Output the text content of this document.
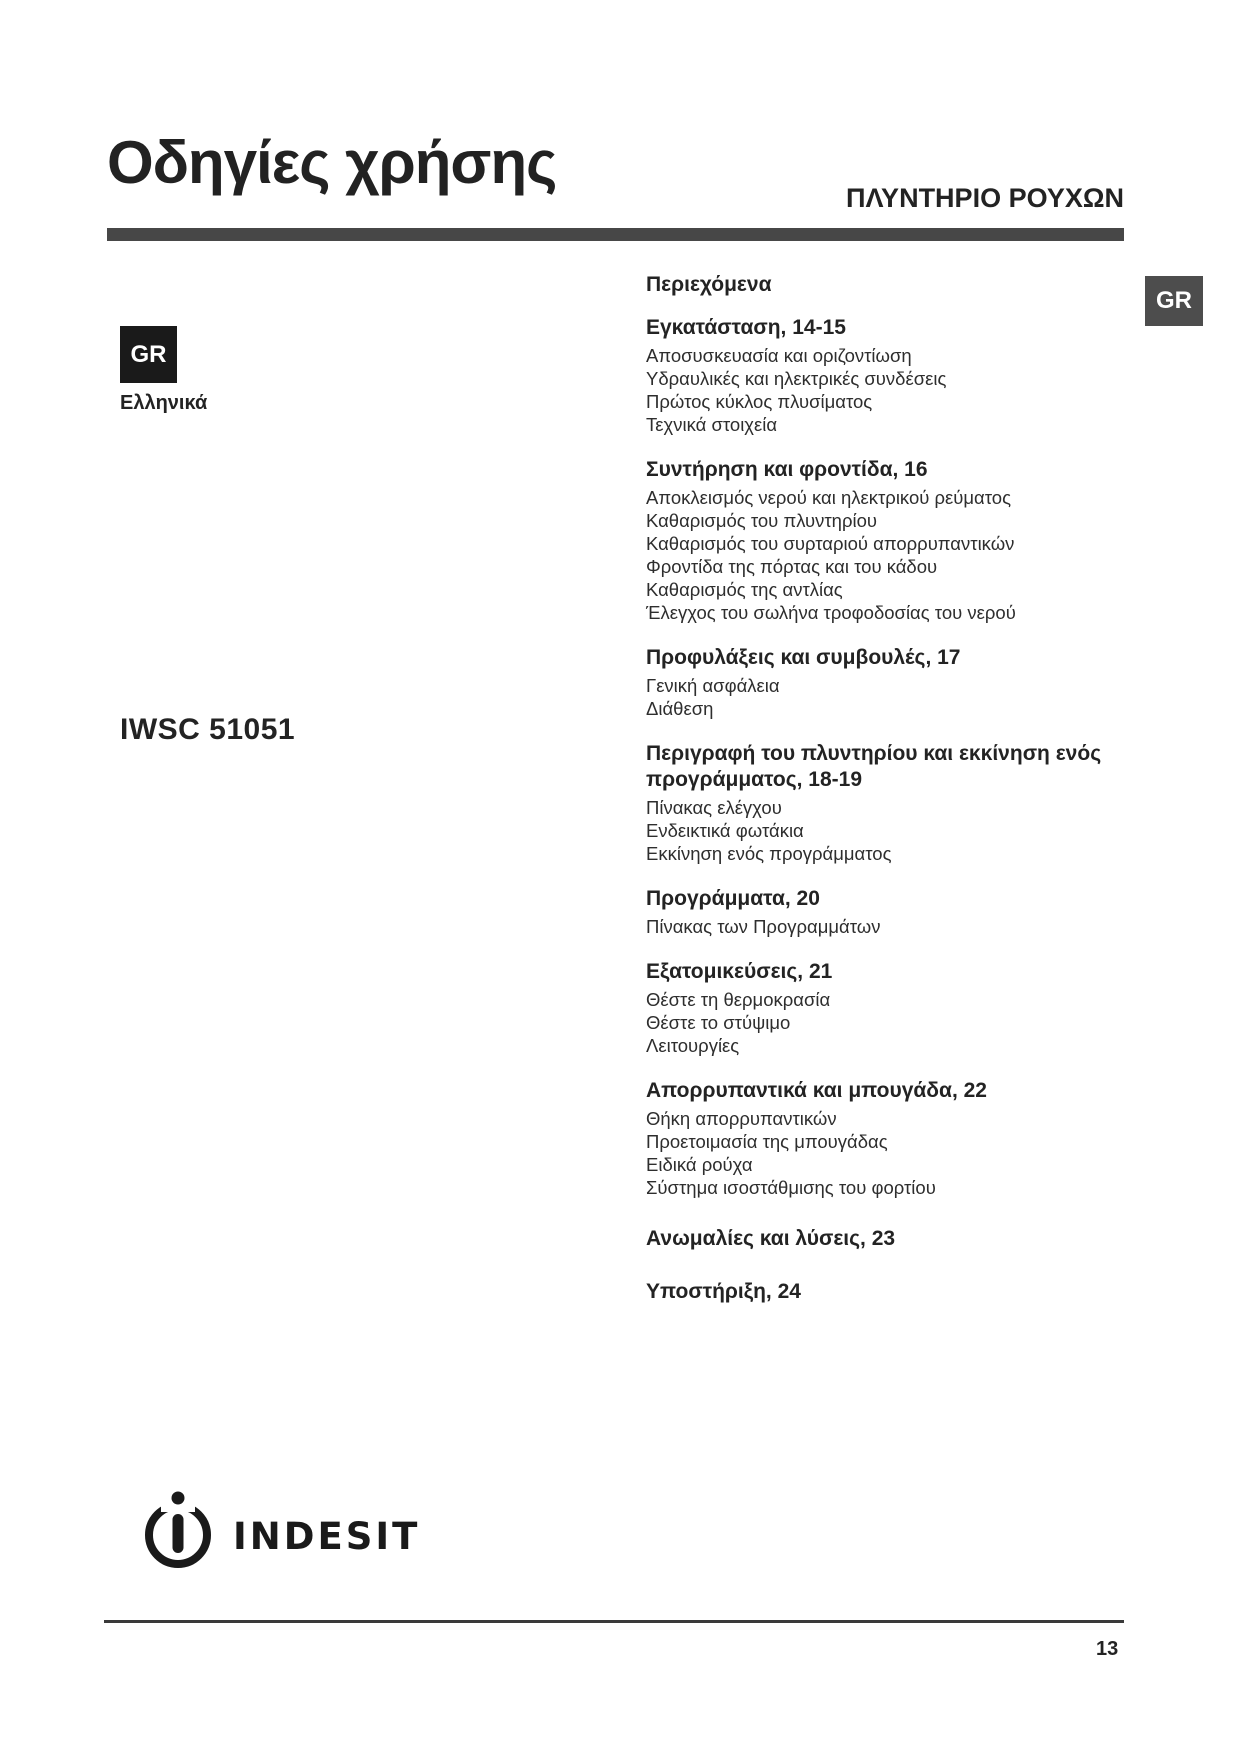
Οδηγίες χρήσης
ΠΛΥΝΤΗΡΙΟ ΡΟΥΧΩΝ
GR
GR
Ελληνικά
IWSC 51051
Περιεχόμενα
Εγκατάσταση, 14-15
Αποσυσκευασία και οριζοντίωση
Υδραυλικές και ηλεκτρικές συνδέσεις
Πρώτος κύκλος πλυσίματος
Τεχνικά στοιχεία
Συντήρηση και φροντίδα, 16
Αποκλεισμός νερού και ηλεκτρικού ρεύματος
Καθαρισμός του πλυντηρίου
Καθαρισμός του συρταριού απορρυπαντικών
Φροντίδα της πόρτας και του κάδου
Καθαρισμός της αντλίας
Έλεγχος του σωλήνα τροφοδοσίας του νερού
Προφυλάξεις και συμβουλές, 17
Γενική ασφάλεια
Διάθεση
Περιγραφή του πλυντηρίου και εκκίνηση ενός προγράμματος, 18-19
Πίνακας ελέγχου
Ενδεικτικά φωτάκια
Εκκίνηση ενός προγράμματος
Προγράμματα, 20
Πίνακας των Προγραμμάτων
Εξατομικεύσεις, 21
Θέστε τη θερμοκρασία
Θέστε το στύψιμο
Λειτουργίες
Απορρυπαντικά και μπουγάδα, 22
Θήκη απορρυπαντικών
Προετοιμασία της μπουγάδας
Ειδικά ρούχα
Σύστημα ισοστάθμισης του φορτίου
Ανωμαλίες και λύσεις, 23
Υποστήριξη, 24
INDESIT
13
